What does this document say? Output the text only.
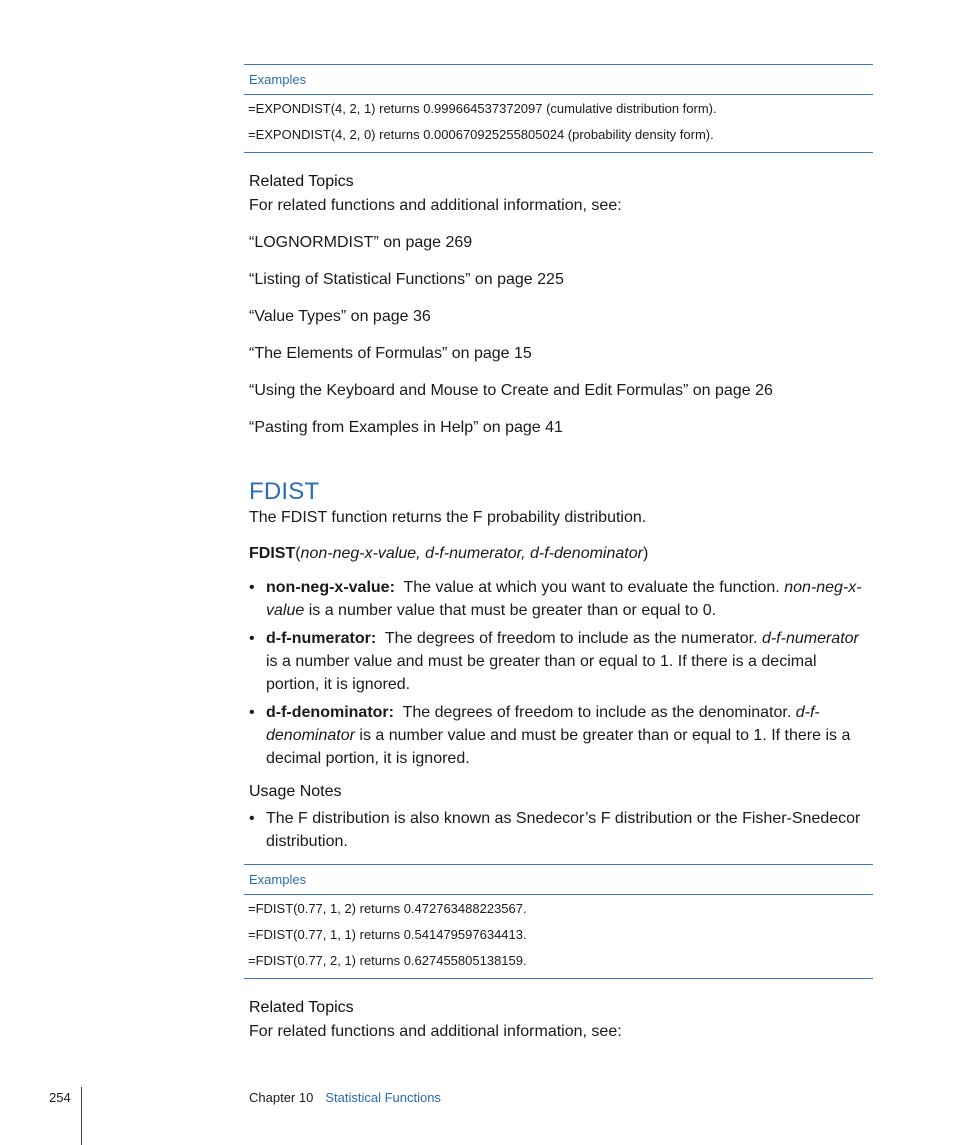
Examples
=EXPONDIST(4, 2, 1) returns 0.999664537372097 (cumulative distribution form).
=EXPONDIST(4, 2, 0) returns 0.000670925255805024 (probability density form).
Related Topics
For related functions and additional information, see:
“LOGNORMDIST” on page 269
“Listing of Statistical Functions” on page 225
“Value Types” on page 36
“The Elements of Formulas” on page 15
“Using the Keyboard and Mouse to Create and Edit Formulas” on page 26
“Pasting from Examples in Help” on page 41
FDIST
The FDIST function returns the F probability distribution.
FDIST(non-neg-x-value, d-f-numerator, d-f-denominator)
• non-neg-x-value: The value at which you want to evaluate the function. non-neg-x-
value is a number value that must be greater than or equal to 0.
• d-f-numerator: The degrees of freedom to include as the numerator. d-f-numerator
is a number value and must be greater than or equal to 1. If there is a decimal
portion, it is ignored.
• d-f-denominator: The degrees of freedom to include as the denominator. d-f-
denominator is a number value and must be greater than or equal to 1. If there is a
decimal portion, it is ignored.
Usage Notes
• The F distribution is also known as Snedecor’s F distribution or the Fisher-Snedecor
distribution.
Examples
=FDIST(0.77, 1, 2) returns 0.472763488223567.
=FDIST(0.77, 1, 1) returns 0.541479597634413.
=FDIST(0.77, 2, 1) returns 0.627455805138159.
Related Topics
For related functions and additional information, see:
254	Chapter 10 Statistical Functions
